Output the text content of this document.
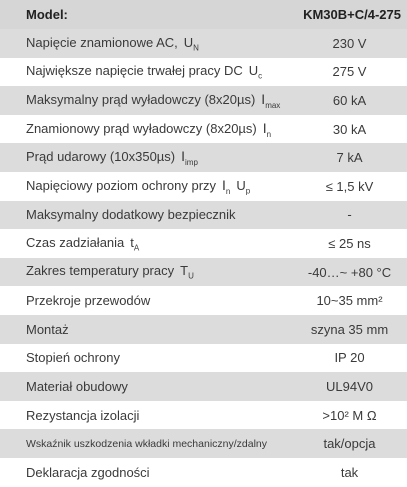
Model:	KM30B+C/4-275
Napięcie znamionowe AC, $U_N$	230 V
Największe napięcie trwałej pracy DC $U_c$	275 V
Maksymalny prąd wyładowczy (8x20µs) $I_{max}$	60 kA
Znamionowy prąd wyładowczy (8x20µs) $I_n$	30 kA
Prąd udarowy (10x350µs) $I_{imp}$	7 kA
Napięciowy poziom ochrony przy $I_n$ $U_p$	≤ 1,5 kV
Maksymalny dodatkowy bezpiecznik	-
Czas zadziałania $t_A$	≤ 25 ns
Zakres temperatury pracy $T_U$	-40…~ +80 °C
Przekroje przewodów	10~35 mm²
Montaż	szyna 35 mm
Stopień ochrony	IP 20
Materiał obudowy	UL94V0
Rezystancja izolacji	>10² M Ω
Wskaźnik uszkodzenia wkładki mechaniczny/zdalny	tak/opcja
Deklaracja zgodności	tak
